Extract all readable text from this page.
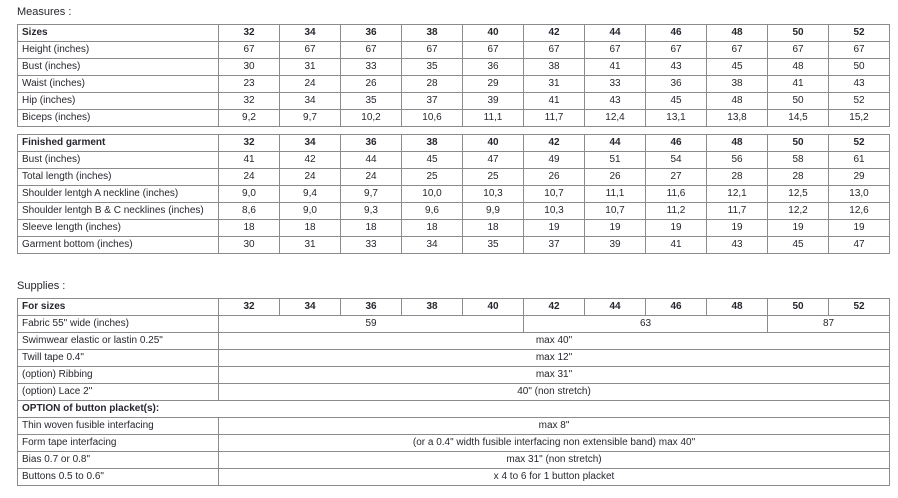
Measures :
Sizes	32	34	36	38	40	42	44	46	48	50	52
Height (inches)	67	67	67	67	67	67	67	67	67	67	67
Bust (inches)	30	31	33	35	36	38	41	43	45	48	50
Waist (inches)	23	24	26	28	29	31	33	36	38	41	43
Hip (inches)	32	34	35	37	39	41	43	45	48	50	52
Biceps (inches)	9,2	9,7	10,2	10,6	11,1	11,7	12,4	13,1	13,8	14,5	15,2
Finished garment	32	34	36	38	40	42	44	46	48	50	52
Bust (inches)	41	42	44	45	47	49	51	54	56	58	61
Total length (inches)	24	24	24	25	25	26	26	27	28	28	29
Shoulder lentgh A neckline (inches)	9,0	9,4	9,7	10,0	10,3	10,7	11,1	11,6	12,1	12,5	13,0
Shoulder lentgh B & C necklines (inches)	8,6	9,0	9,3	9,6	9,9	10,3	10,7	11,2	11,7	12,2	12,6
Sleeve length (inches)	18	18	18	18	18	19	19	19	19	19	19
Garment bottom (inches)	30	31	33	34	35	37	39	41	43	45	47
Supplies :
For sizes	32	34	36	38	40	42	44	46	48	50	52
Fabric 55" wide (inches)	59					63				87	
Swimwear elastic or lastin 0.25"	max 40"										
Twill tape 0.4"	max 12"										
(option) Ribbing	max 31"										
(option) Lace 2"	40" (non stretch)										
OPTION of button placket(s):											
Thin woven fusible interfacing	max 8"										
Form tape interfacing	(or a 0.4" width fusible interfacing non extensible band) max 40"										
Bias 0.7 or 0.8"	max 31" (non stretch)										
Buttons 0.5 to 0.6"	x 4 to 6 for 1 button placket										
